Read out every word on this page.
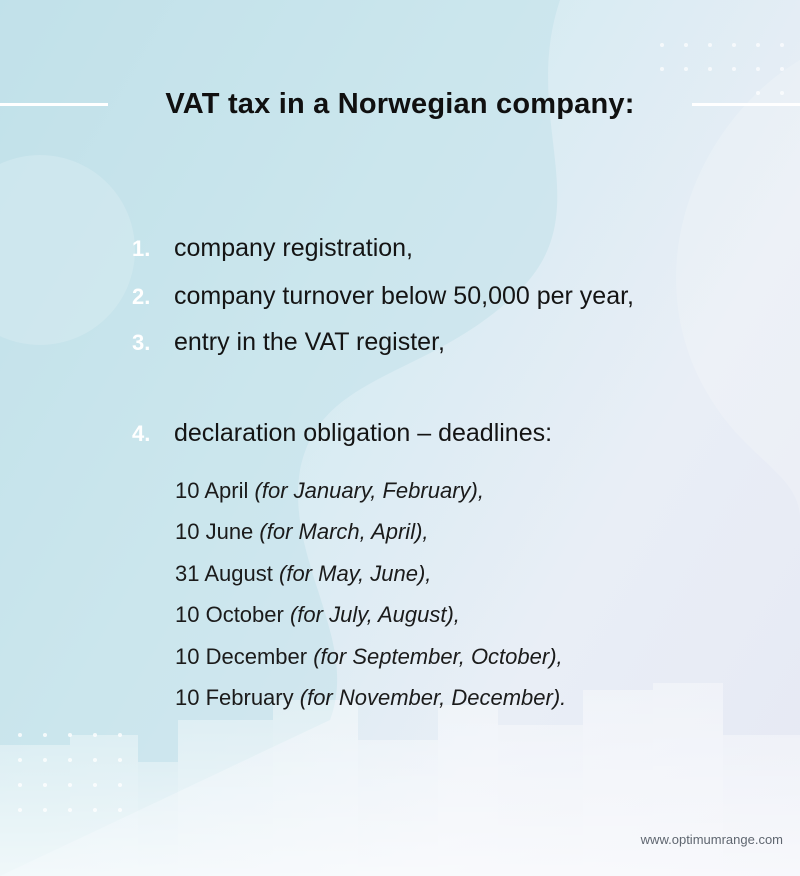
VAT tax in a Norwegian company:
1. company registration,
2. company turnover below 50,000 per year,
3. entry in the VAT register,
4. declaration obligation – deadlines:
10 April (for January, February),
10 June (for March, April),
31 August (for May, June),
10 October (for July, August),
10 December (for September, October),
10 February (for November, December).
www.optimumrange.com
